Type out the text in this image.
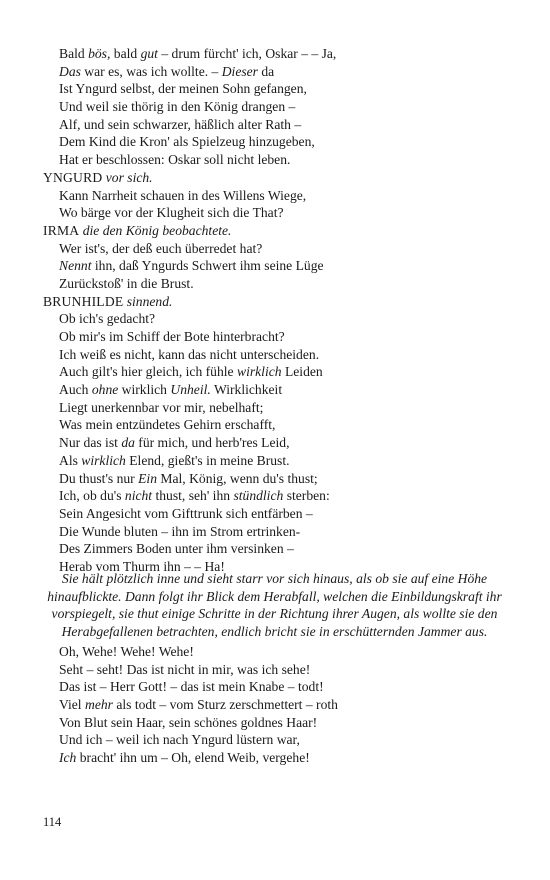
Bald bös, bald gut – drum fürcht' ich, Oskar – – Ja,
Das war es, was ich wollte. – Dieser da
Ist Yngurd selbst, der meinen Sohn gefangen,
Und weil sie thörig in den König drangen –
Alf, und sein schwarzer, häßlich alter Rath –
Dem Kind die Kron' als Spielzeug hinzugeben,
Hat er beschlossen: Oskar soll nicht leben.
YNGURD vor sich.
Kann Narrheit schauen in des Willens Wiege,
Wo bärge vor der Klugheit sich die That?
IRMA die den König beobachtete.
Wer ist's, der deß euch überredet hat?
Nennt ihn, daß Yngurds Schwert ihm seine Lüge
Zurückstoß' in die Brust.
BRUNHILDE sinnend.
Ob ich's gedacht?
Ob mir's im Schiff der Bote hinterbracht?
Ich weiß es nicht, kann das nicht unterscheiden.
Auch gilt's hier gleich, ich fühle wirklich Leiden
Auch ohne wirklich Unheil. Wirklichkeit
Liegt unerkennbar vor mir, nebelhaft;
Was mein entzündetes Gehirn erschafft,
Nur das ist da für mich, und herb'res Leid,
Als wirklich Elend, gießt's in meine Brust.
Du thust's nur Ein Mal, König, wenn du's thust;
Ich, ob du's nicht thust, seh' ihn stündlich sterben:
Sein Angesicht vom Gifttrunk sich entfärben –
Die Wunde bluten – ihn im Strom ertrinken-
Des Zimmers Boden unter ihm versinken –
Herab vom Thurm ihn – – Ha!
Sie hält plötzlich inne und sieht starr vor sich hinaus, als ob sie auf eine Höhe hinaufblickte. Dann folgt ihr Blick dem Herabfall, welchen die Einbildungskraft ihr vorspiegelt, sie thut einige Schritte in der Richtung ihrer Augen, als wollte sie den Herabgefallenen betrachten, endlich bricht sie in erschütternden Jammer aus.
Oh, Wehe! Wehe! Wehe!
Seht – seht! Das ist nicht in mir, was ich sehe!
Das ist – Herr Gott! – das ist mein Knabe – todt!
Viel mehr als todt – vom Sturz zerschmettert – roth
Von Blut sein Haar, sein schönes goldnes Haar!
Und ich – weil ich nach Yngurd lüstern war,
Ich bracht' ihn um – Oh, elend Weib, vergehe!
114
